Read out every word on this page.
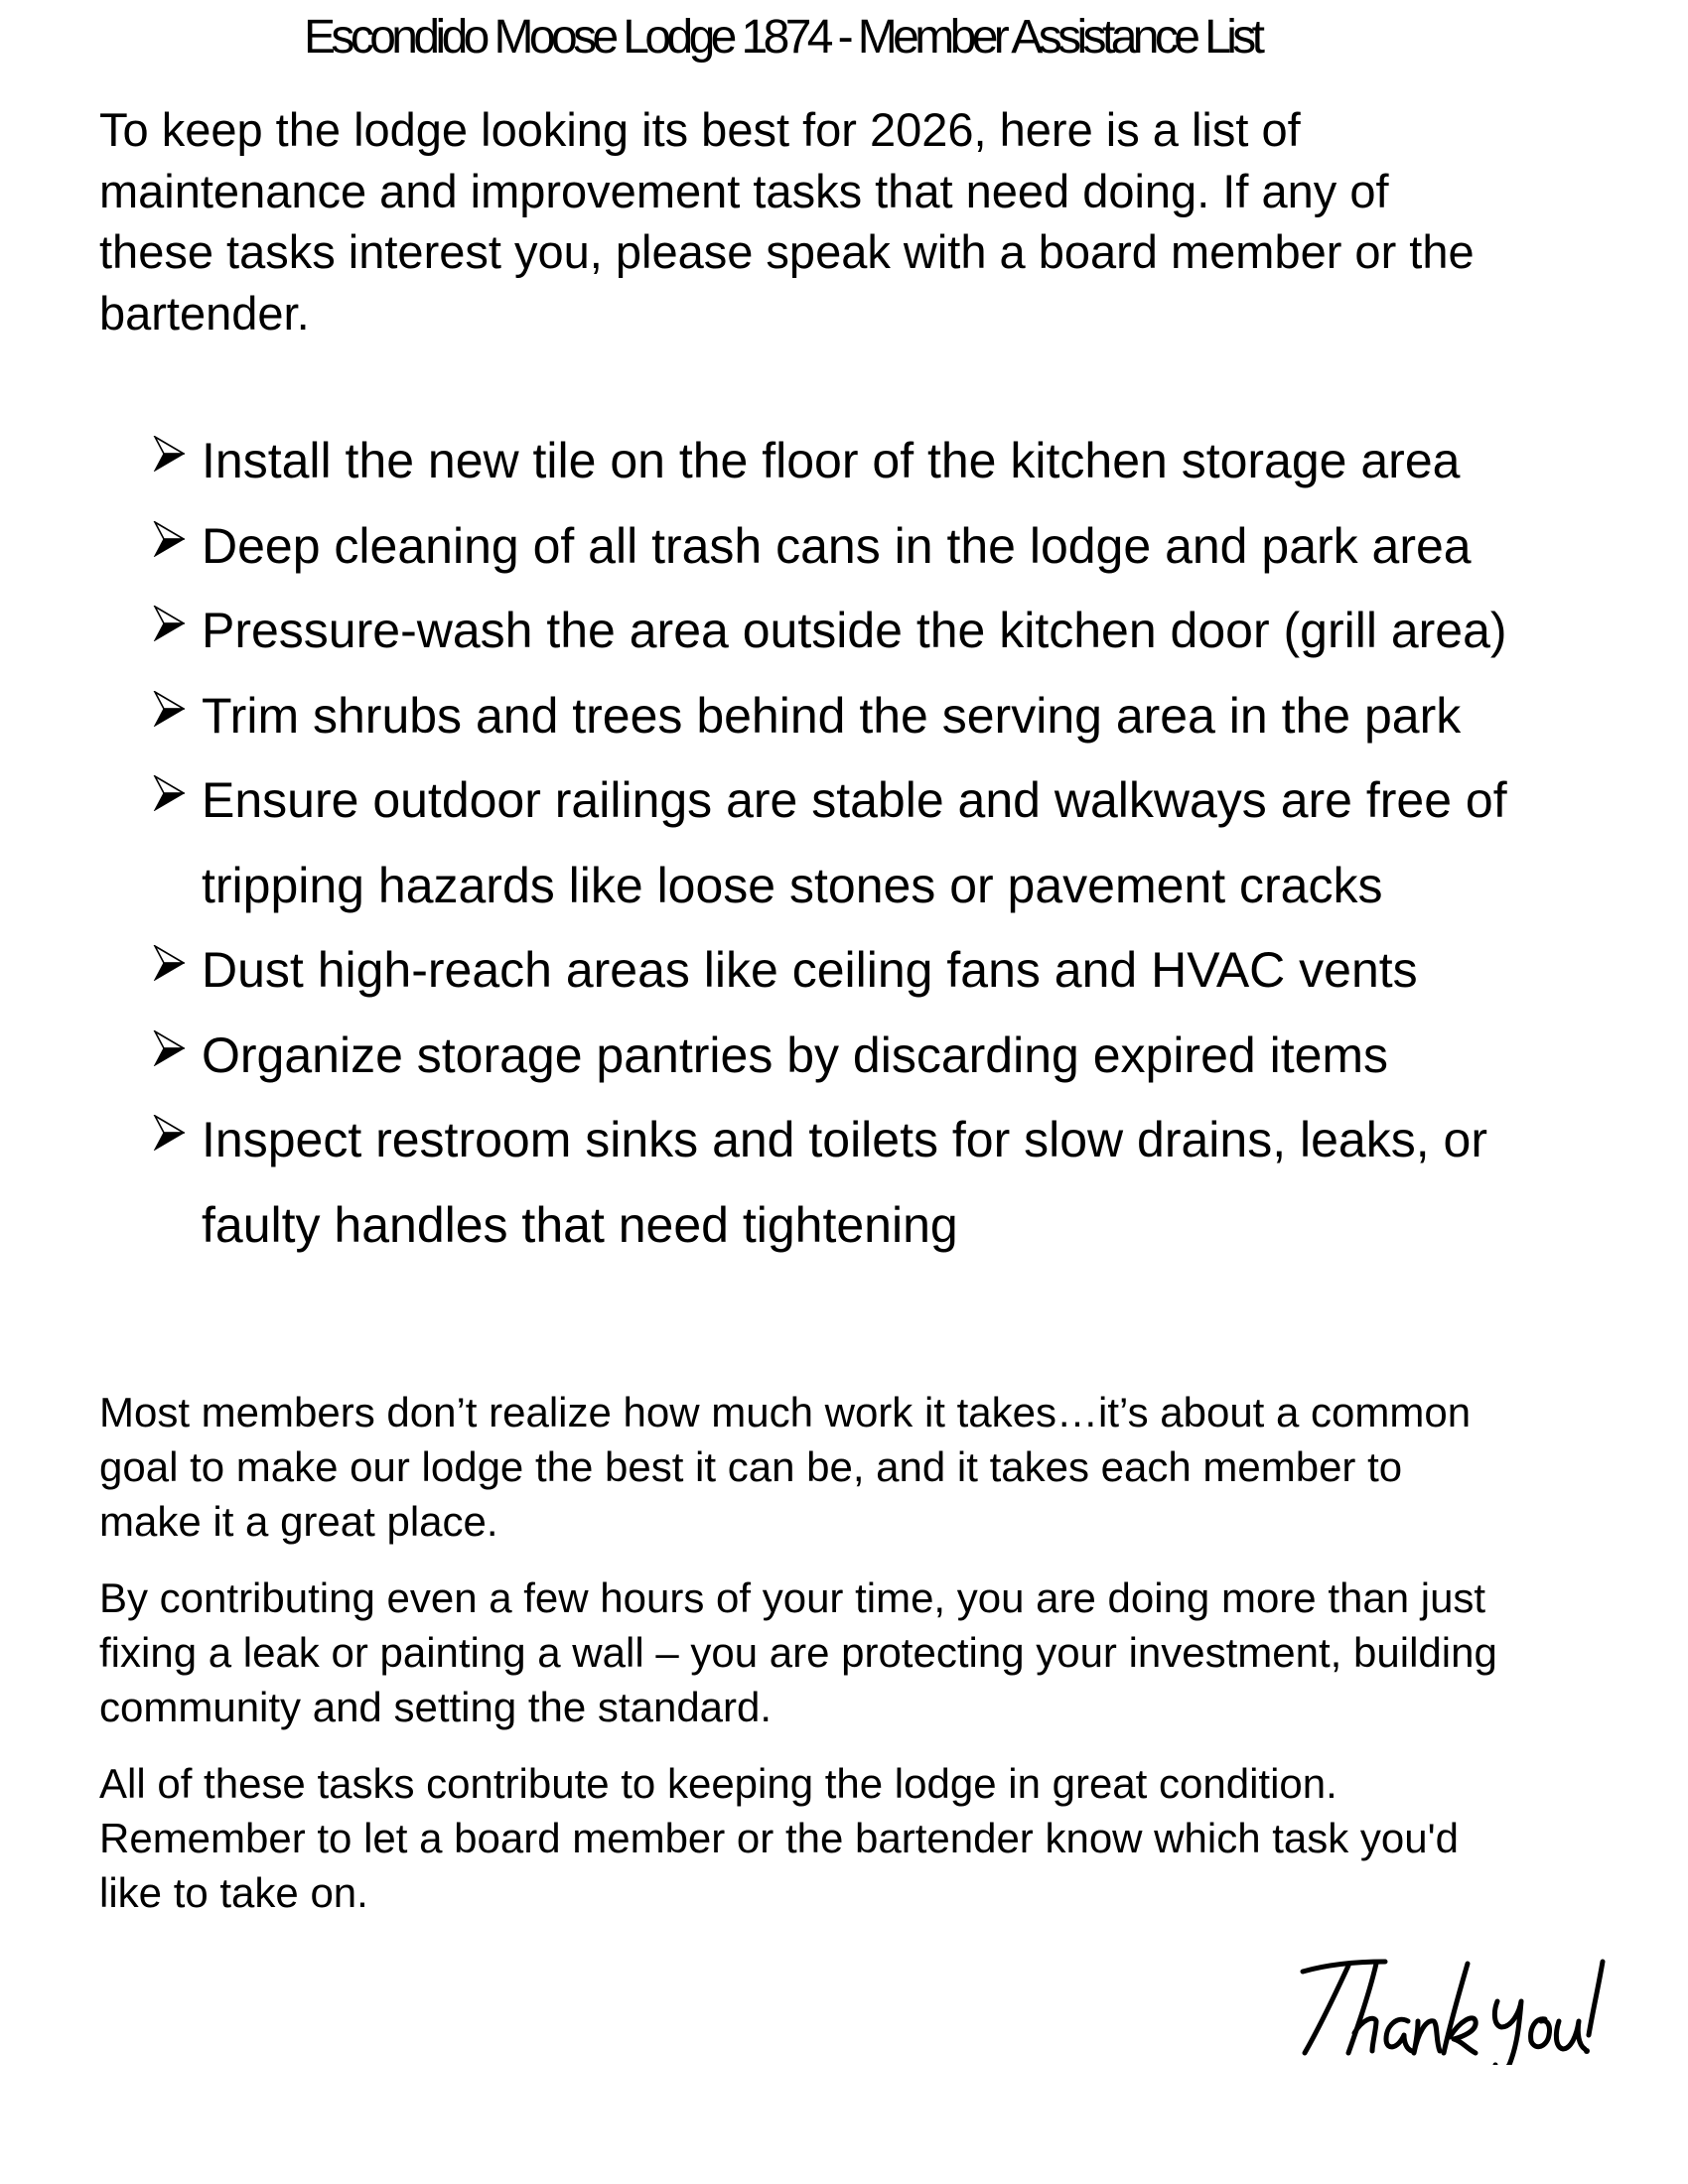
Escondido Moose Lodge 1874 - Member Assistance List
To keep the lodge looking its best for 2026, here is a list of
maintenance and improvement tasks that need doing. If any of
these tasks interest you, please speak with a board member or the
bartender.
Install the new tile on the floor of the kitchen storage area
Deep cleaning of all trash cans in the lodge and park area
Pressure-wash the area outside the kitchen door (grill area)
Trim shrubs and trees behind the serving area in the park
Ensure outdoor railings are stable and walkways are free of
tripping hazards like loose stones or pavement cracks
Dust high-reach areas like ceiling fans and HVAC vents
Organize storage pantries by discarding expired items
Inspect restroom sinks and toilets for slow drains, leaks, or
faulty handles that need tightening

Most members don’t realize how much work it takes…it’s about a common
goal to make our lodge the best it can be, and it takes each member to
make it a great place.

By contributing even a few hours of your time, you are doing more than just
fixing a leak or painting a wall – you are protecting your investment, building
community and setting the standard.

All of these tasks contribute to keeping the lodge in great condition.
Remember to let a board member or the bartender know which task you'd
like to take on.
